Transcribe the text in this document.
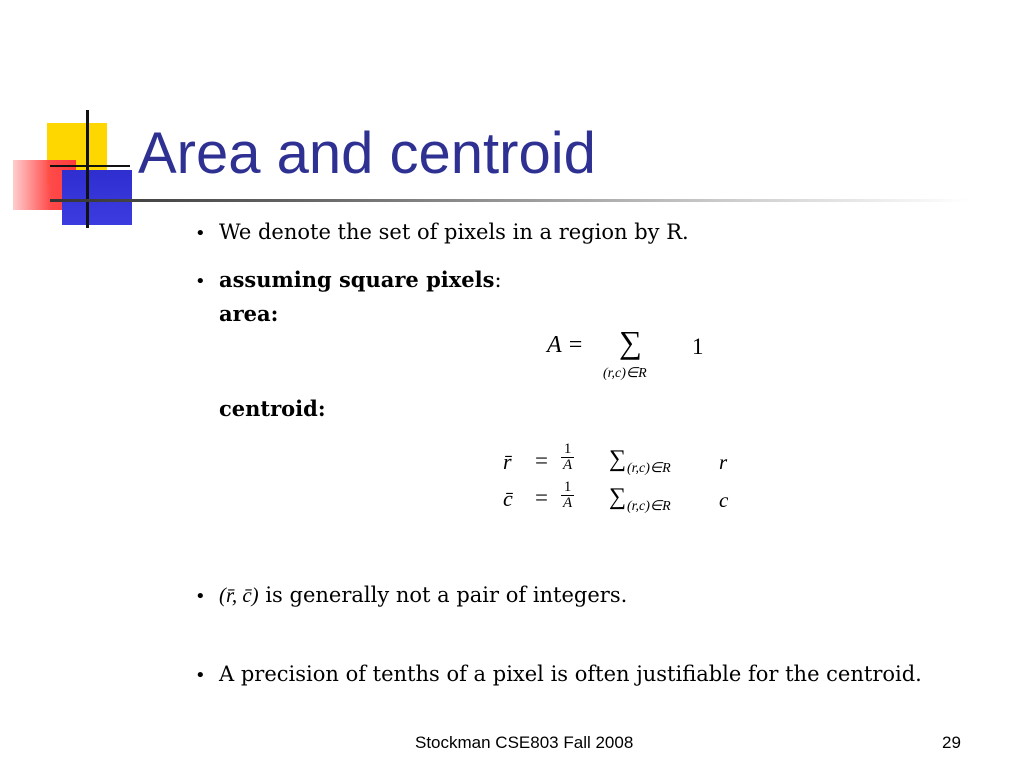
Area and centroid
• We denote the set of pixels in a region by R.
• assuming square pixels:
area:
A = ∑
(r,c)∈R
1
centroid:
r̄ = $\frac{1}{A}$ ∑ (r,c)∈R r
c̄ = $\frac{1}{A}$ ∑ (r,c)∈R c
• (r̄, c̄) is generally not a pair of integers.
• A precision of tenths of a pixel is often justifiable for the centroid.
Stockman CSE803 Fall 2008	29
